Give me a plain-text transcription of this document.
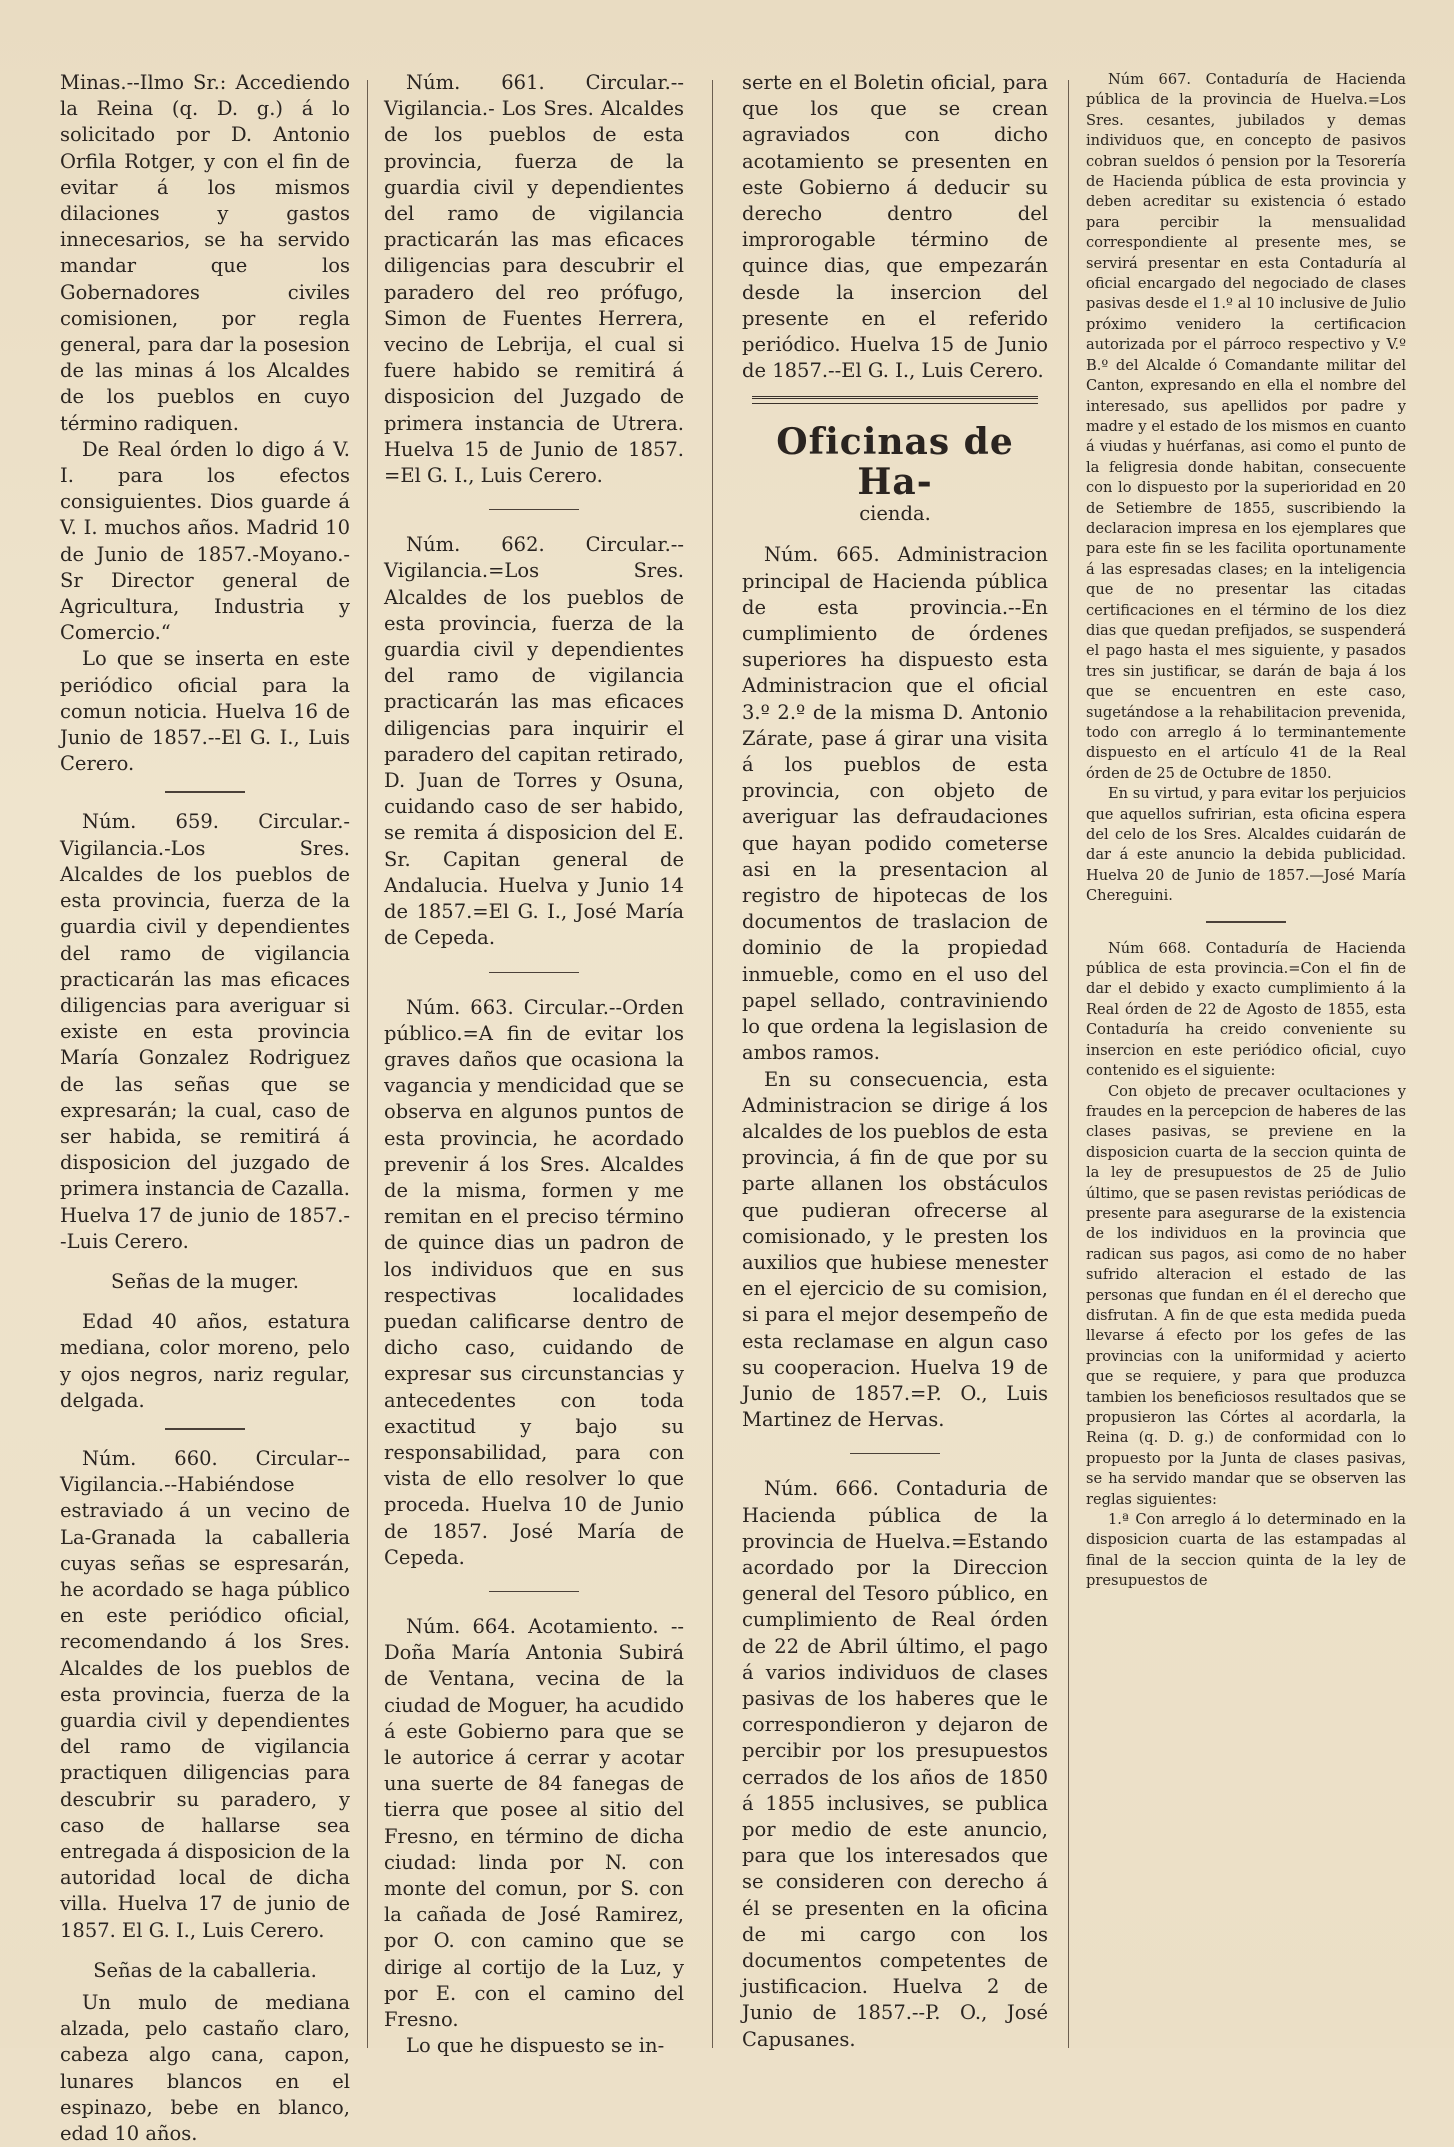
Minas.--Ilmo Sr.: Accediendo la Reina (q. D. g.) á lo solicitado por D. Antonio Orfila Rotger, y con el fin de evitar á los mismos dilaciones y gastos innecesarios, se ha servido mandar que los Gobernadores civiles comisionen, por regla general, para dar la posesion de las minas á los Alcaldes de los pueblos en cuyo término radiquen.

De Real órden lo digo á V. I. para los efectos consiguientes. Dios guarde á V. I. muchos años. Madrid 10 de Junio de 1857.-Moyano.-Sr Director general de Agricultura, Industria y Comercio.“

Lo que se inserta en este periódico oficial para la comun noticia. Huelva 16 de Junio de 1857.--El G. I., Luis Cerero.

Núm. 659. Circular.-Vigilancia.-Los Sres. Alcaldes de los pueblos de esta provincia, fuerza de la guardia civil y dependientes del ramo de vigilancia practicarán las mas eficaces diligencias para averiguar si existe en esta provincia María Gonzalez Rodriguez de las señas que se expresarán; la cual, caso de ser habida, se remitirá á disposicion del juzgado de primera instancia de Cazalla. Huelva 17 de junio de 1857.--Luis Cerero.

Señas de la muger.

Edad 40 años, estatura mediana, color moreno, pelo y ojos negros, nariz regular, delgada.

Núm. 660. Circular--Vigilancia.--Habiéndose estraviado á un vecino de La-Granada la caballeria cuyas señas se espresarán, he acordado se haga público en este periódico oficial, recomendando á los Sres. Alcaldes de los pueblos de esta provincia, fuerza de la guardia civil y dependientes del ramo de vigilancia practiquen diligencias para descubrir su paradero, y caso de hallarse sea entregada á disposicion de la autoridad local de dicha villa. Huelva 17 de junio de 1857. El G. I., Luis Cerero.

Señas de la caballeria.

Un mulo de mediana alzada, pelo castaño claro, cabeza algo cana, capon, lunares blancos en el espinazo, bebe en blanco, edad 10 años.

Núm. 661. Circular.--Vigilancia.- Los Sres. Alcaldes de los pueblos de esta provincia, fuerza de la guardia civil y dependientes del ramo de vigilancia practicarán las mas eficaces diligencias para descubrir el paradero del reo prófugo, Simon de Fuentes Herrera, vecino de Lebrija, el cual si fuere habido se remitirá á disposicion del Juzgado de primera instancia de Utrera. Huelva 15 de Junio de 1857. =El G. I., Luis Cerero.

Núm. 662. Circular.--Vigilancia.=Los Sres. Alcaldes de los pueblos de esta provincia, fuerza de la guardia civil y dependientes del ramo de vigilancia practicarán las mas eficaces diligencias para inquirir el paradero del capitan retirado, D. Juan de Torres y Osuna, cuidando caso de ser habido, se remita á disposicion del E. Sr. Capitan general de Andalucia. Huelva y Junio 14 de 1857.=El G. I., José María de Cepeda.

Núm. 663. Circular.--Orden público.=A fin de evitar los graves daños que ocasiona la vagancia y mendicidad que se observa en algunos puntos de esta provincia, he acordado prevenir á los Sres. Alcaldes de la misma, formen y me remitan en el preciso término de quince dias un padron de los individuos que en sus respectivas localidades puedan calificarse dentro de dicho caso, cuidando de expresar sus circunstancias y antecedentes con toda exactitud y bajo su responsabilidad, para con vista de ello resolver lo que proceda. Huelva 10 de Junio de 1857. José María de Cepeda.

Núm. 664. Acotamiento. --Doña María Antonia Subirá de Ventana, vecina de la ciudad de Moguer, ha acudido á este Gobierno para que se le autorice á cerrar y acotar una suerte de 84 fanegas de tierra que posee al sitio del Fresno, en término de dicha ciudad: linda por N. con monte del comun, por S. con la cañada de José Ramirez, por O. con camino que se dirige al cortijo de la Luz, y por E. con el camino del Fresno.

Lo que he dispuesto se in-

serte en el Boletin oficial, para que los que se crean agraviados con dicho acotamiento se presenten en este Gobierno á deducir su derecho dentro del improrogable término de quince dias, que empezarán desde la insercion del presente en el referido periódico. Huelva 15 de Junio de 1857.--El G. I., Luis Cerero.

Oficinas de Ha-
cienda.

Núm. 665. Administracion principal de Hacienda pública de esta provincia.--En cumplimiento de órdenes superiores ha dispuesto esta Administracion que el oficial 3.º 2.º de la misma D. Antonio Zárate, pase á girar una visita á los pueblos de esta provincia, con objeto de averiguar las defraudaciones que hayan podido cometerse asi en la presentacion al registro de hipotecas de los documentos de traslacion de dominio de la propiedad inmueble, como en el uso del papel sellado, contraviniendo lo que ordena la legislasion de ambos ramos.

En su consecuencia, esta Administracion se dirige á los alcaldes de los pueblos de esta provincia, á fin de que por su parte allanen los obstáculos que pudieran ofrecerse al comisionado, y le presten los auxilios que hubiese menester en el ejercicio de su comision, si para el mejor desempeño de esta reclamase en algun caso su cooperacion. Huelva 19 de Junio de 1857.=P. O., Luis Martinez de Hervas.

Núm. 666. Contaduria de Hacienda pública de la provincia de Huelva.=Estando acordado por la Direccion general del Tesoro público, en cumplimiento de Real órden de 22 de Abril último, el pago á varios individuos de clases pasivas de los haberes que le correspondieron y dejaron de percibir por los presupuestos cerrados de los años de 1850 á 1855 inclusives, se publica por medio de este anuncio, para que los interesados que se consideren con derecho á él se presenten en la oficina de mi cargo con los documentos competentes de justificacion. Huelva 2 de Junio de 1857.--P. O., José Capusanes.

Núm 667. Contaduría de Hacienda pública de la provincia de Huelva.=Los Sres. cesantes, jubilados y demas individuos que, en concepto de pasivos cobran sueldos ó pension por la Tesorería de Hacienda pública de esta provincia y deben acreditar su existencia ó estado para percibir la mensualidad correspondiente al presente mes, se servirá presentar en esta Contaduría al oficial encargado del negociado de clases pasivas desde el 1.º al 10 inclusive de Julio próximo venidero la certificacion autorizada por el párroco respectivo y V.º B.º del Alcalde ó Comandante militar del Canton, expresando en ella el nombre del interesado, sus apellidos por padre y madre y el estado de los mismos en cuanto á viudas y huérfanas, asi como el punto de la feligresia donde habitan, consecuente con lo dispuesto por la superioridad en 20 de Setiembre de 1855, suscribiendo la declaracion impresa en los ejemplares que para este fin se les facilita oportunamente á las espresadas clases; en la inteligencia que de no presentar las citadas certificaciones en el término de los diez dias que quedan prefijados, se suspenderá el pago hasta el mes siguiente, y pasados tres sin justificar, se darán de baja á los que se encuentren en este caso, sugetándose a la rehabilitacion prevenida, todo con arreglo á lo terminantemente dispuesto en el artículo 41 de la Real órden de 25 de Octubre de 1850.

En su virtud, y para evitar los perjuicios que aquellos sufririan, esta oficina espera del celo de los Sres. Alcaldes cuidarán de dar á este anuncio la debida publicidad. Huelva 20 de Junio de 1857.—José María Chereguini.

Núm 668. Contaduría de Hacienda pública de esta provincia.=Con el fin de dar el debido y exacto cumplimiento á la Real órden de 22 de Agosto de 1855, esta Contaduría ha creido conveniente su insercion en este periódico oficial, cuyo contenido es el siguiente:

Con objeto de precaver ocultaciones y fraudes en la percepcion de haberes de las clases pasivas, se previene en la disposicion cuarta de la seccion quinta de la ley de presupuestos de 25 de Julio último, que se pasen revistas periódicas de presente para asegurarse de la existencia de los individuos en la provincia que radican sus pagos, asi como de no haber sufrido alteracion el estado de las personas que fundan en él el derecho que disfrutan. A fin de que esta medida pueda llevarse á efecto por los gefes de las provincias con la uniformidad y acierto que se requiere, y para que produzca tambien los beneficiosos resultados que se propusieron las Córtes al acordarla, la Reina (q. D. g.) de conformidad con lo propuesto por la Junta de clases pasivas, se ha servido mandar que se observen las reglas siguientes:

1.ª Con arreglo á lo determinado en la disposicion cuarta de las estampadas al final de la seccion quinta de la ley de presupuestos de
